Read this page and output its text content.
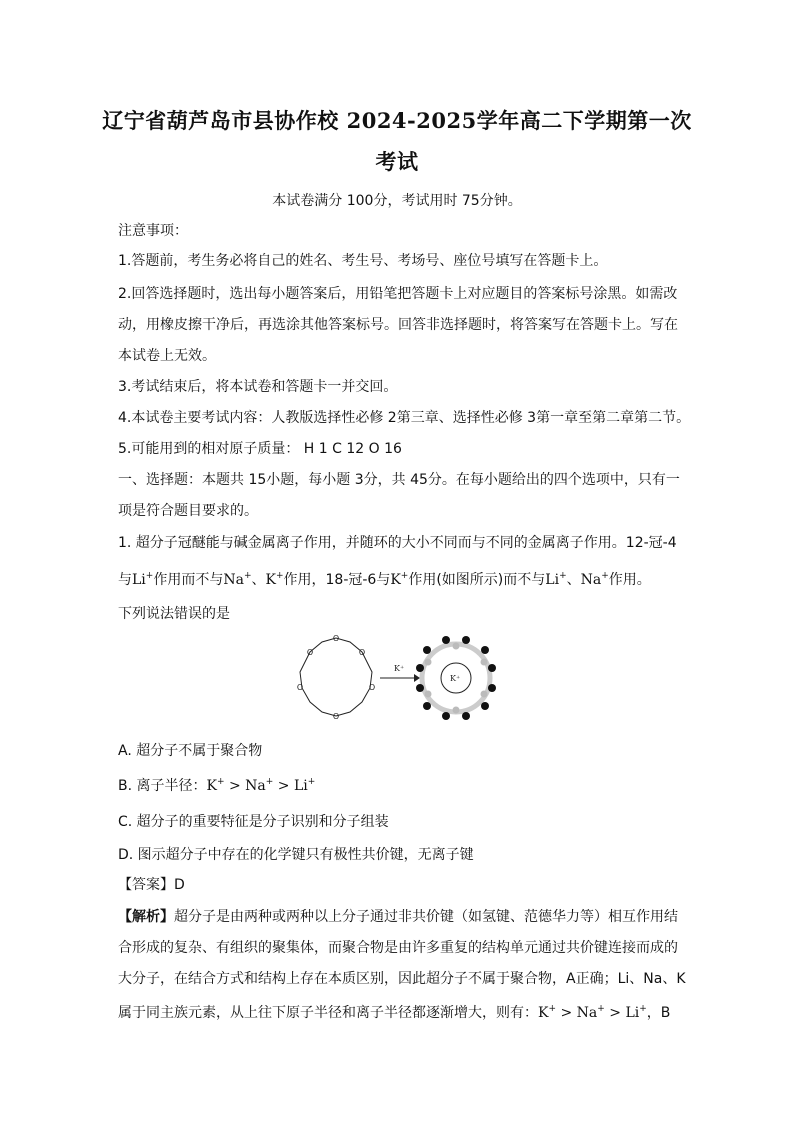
辽宁省葫芦岛市县协作校 2024-2025学年高二下学期第一次
考试
本试卷满分 100分，考试用时 75分钟。
注意事项：
1.答题前，考生务必将自己的姓名、考生号、考场号、座位号填写在答题卡上。
2.回答选择题时，选出每小题答案后，用铅笔把答题卡上对应题目的答案标号涂黑。如需改
动，用橡皮擦干净后，再选涂其他答案标号。回答非选择题时，将答案写在答题卡上。写在
本试卷上无效。
3.考试结束后，将本试卷和答题卡一并交回。
4.本试卷主要考试内容：人教版选择性必修 2第三章、选择性必修 3第一章至第二章第二节。
5.可能用到的相对原子质量： H 1 C 12 O 16
一、选择题：本题共 15小题，每小题 3分，共 45分。在每小题给出的四个选项中，只有一
项是符合题目要求的。
1. 超分子冠醚能与碱金属离子作用，并随环的大小不同而与不同的金属离子作用。12-冠-4
与Li+作用而不与Na+、K+作用，18-冠-6与K+作用(如图所示)而不与Li+、Na+作用。
下列说法错误的是
O
O
O
O
O
O
K⁺
K⁺
A. 超分子不属于聚合物
B. 离子半径：K+ > Na+ > Li+
C. 超分子的重要特征是分子识别和分子组装
D. 图示超分子中存在的化学键只有极性共价键，无离子键
【答案】D
【解析】超分子是由两种或两种以上分子通过非共价键（如氢键、范德华力等）相互作用结
合形成的复杂、有组织的聚集体，而聚合物是由许多重复的结构单元通过共价键连接而成的
大分子，在结合方式和结构上存在本质区别，因此超分子不属于聚合物，A正确；Li、Na、K
属于同主族元素，从上往下原子半径和离子半径都逐渐增大，则有：K+ > Na+ > Li+，B
